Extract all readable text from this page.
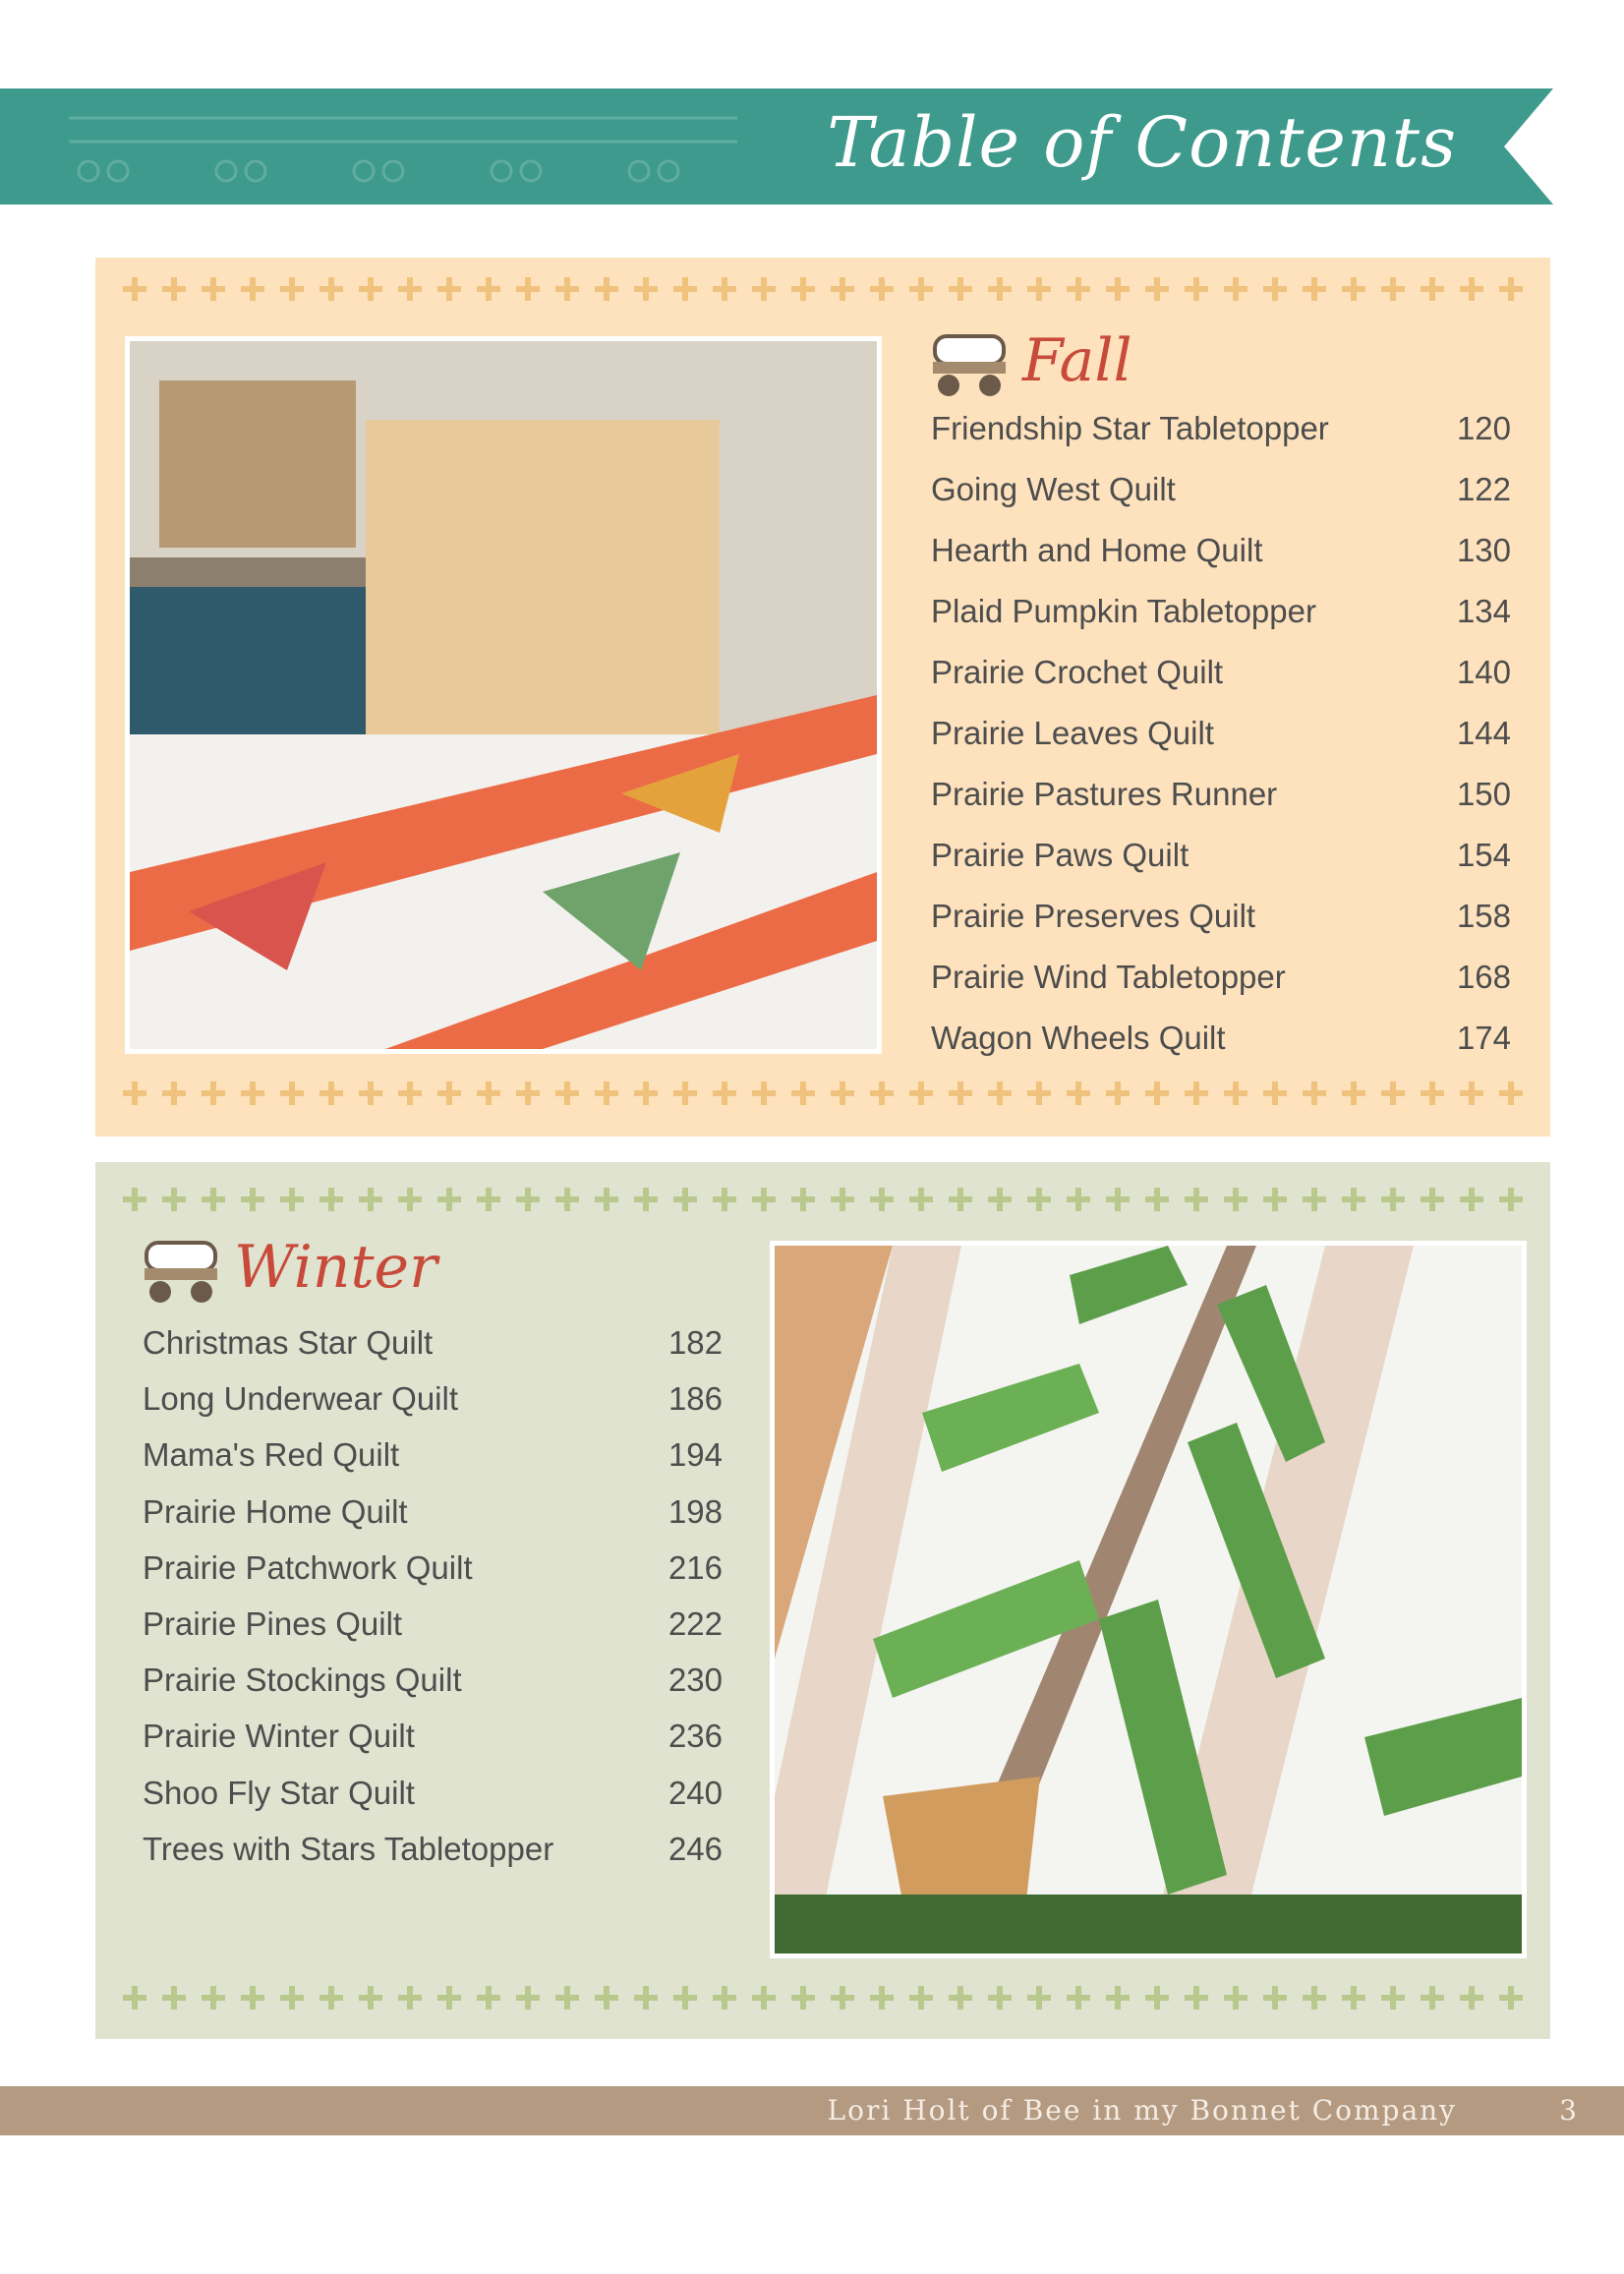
Table of Contents
Fall
Friendship Star Tabletopper	120
Going West Quilt	122
Hearth and Home Quilt	130
Plaid Pumpkin Tabletopper	134
Prairie Crochet Quilt	140
Prairie Leaves Quilt	144
Prairie Pastures Runner	150
Prairie Paws Quilt	154
Prairie Preserves Quilt	158
Prairie Wind Tabletopper	168
Wagon Wheels Quilt	174
Winter
Christmas Star Quilt	182
Long Underwear Quilt	186
Mama's Red Quilt	194
Prairie Home Quilt	198
Prairie Patchwork Quilt	216
Prairie Pines Quilt	222
Prairie Stockings Quilt	230
Prairie Winter Quilt	236
Shoo Fly Star Quilt	240
Trees with Stars Tabletopper	246
Lori Holt of Bee in my Bonnet Company	3
